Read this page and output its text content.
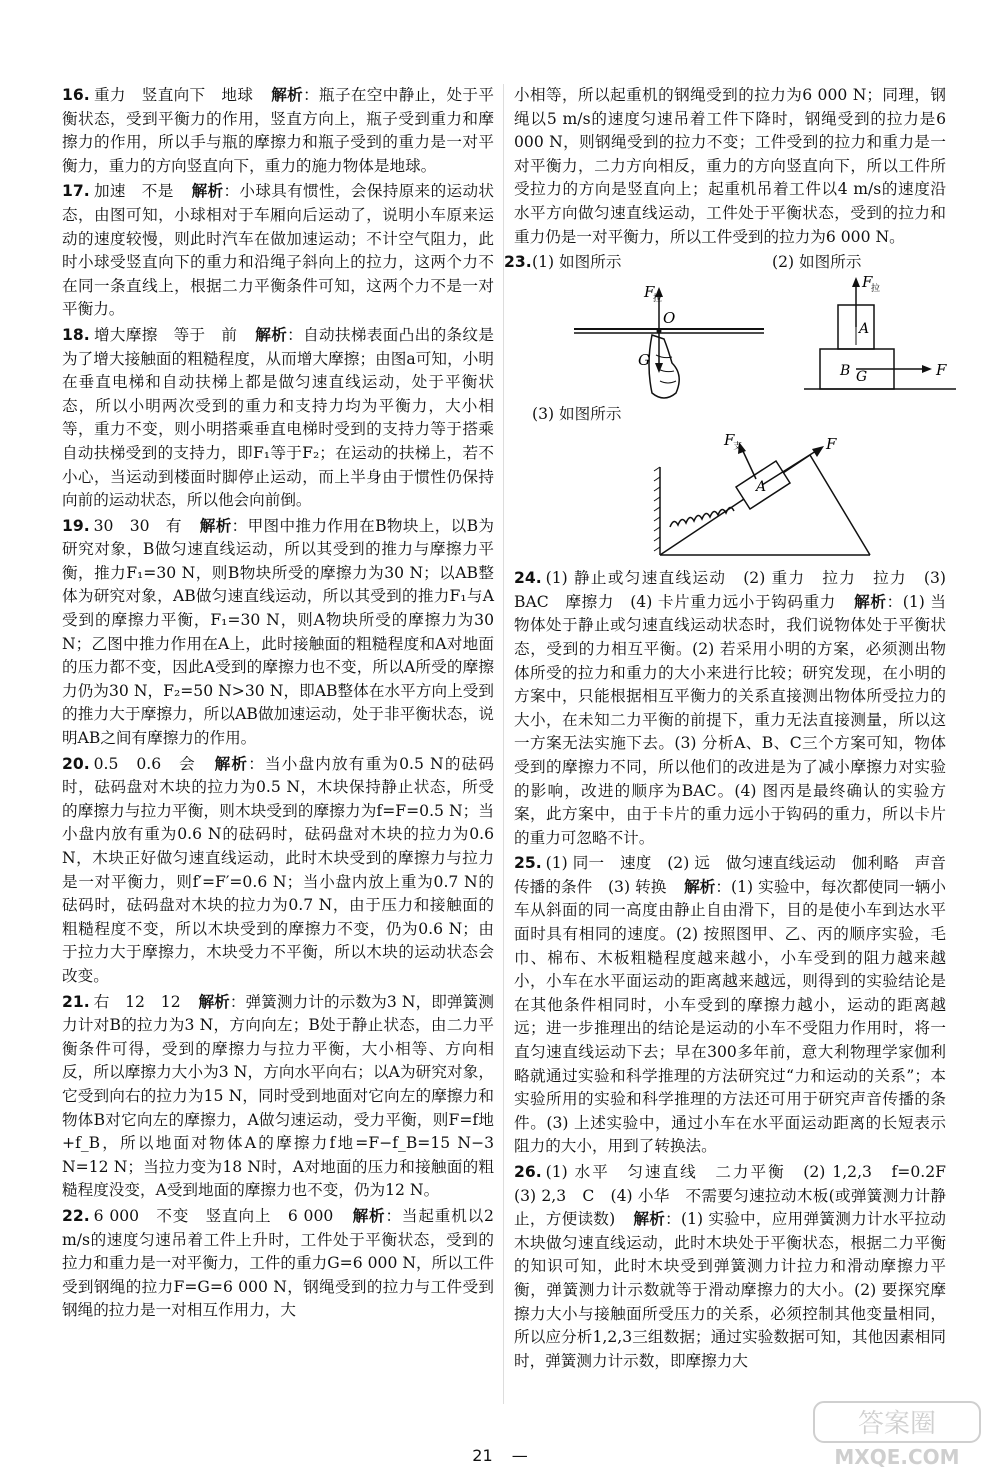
16. 重力　竖直向下　地球　 解析：瓶子在空中静止，处于平衡状态，受到平衡力的作用，竖直方向上，瓶子受到重力和摩擦力的作用，所以手与瓶的摩擦力和瓶子受到的重力是一对平衡力，重力的方向竖直向下，重力的施力物体是地球。
17. 加速　不是　 解析：小球具有惯性，会保持原来的运动状态，由图可知，小球相对于车厢向后运动了，说明小车原来运动的速度较慢，则此时汽车在做加速运动；不计空气阻力，此时小球受竖直向下的重力和沿绳子斜向上的拉力，这两个力不在同一条直线上，根据二力平衡条件可知，这两个力不是一对平衡力。
18. 增大摩擦　等于　前　 解析：自动扶梯表面凸出的条纹是为了增大接触面的粗糙程度，从而增大摩擦；由图a可知，小明在垂直电梯和自动扶梯上都是做匀速直线运动，处于平衡状态，所以小明两次受到的重力和支持力均为平衡力，大小相等，重力不变，则小明搭乘垂直电梯时受到的支持力等于搭乘自动扶梯受到的支持力，即F₁等于F₂；在运动的扶梯上，若不小心，当运动到楼面时脚停止运动，而上半身由于惯性仍保持向前的运动状态，所以他会向前倒。
19. 30　30　有　 解析：甲图中推力作用在B物块上，以B为研究对象，B做匀速直线运动，所以其受到的推力与摩擦力平衡，推力F₁=30 N，则B物块所受的摩擦力为30 N；以AB整体为研究对象，AB做匀速直线运动，所以其受到的推力F₁与A受到的摩擦力平衡，F₁=30 N，则A物块所受的摩擦力为30 N；乙图中推力作用在A上，此时接触面的粗糙程度和A对地面的压力都不变，因此A受到的摩擦力也不变，所以A所受的摩擦力仍为30 N，F₂=50 N>30 N，即AB整体在水平方向上受到的推力大于摩擦力，所以AB做加速运动，处于非平衡状态，说明AB之间有摩擦力的作用。
20. 0.5　0.6　会　 解析：当小盘内放有重为0.5 N的砝码时，砝码盘对木块的拉力为0.5 N，木块保持静止状态，所受的摩擦力与拉力平衡，则木块受到的摩擦力为f=F=0.5 N；当小盘内放有重为0.6 N的砝码时，砝码盘对木块的拉力为0.6 N，木块正好做匀速直线运动，此时木块受到的摩擦力与拉力是一对平衡力，则f′=F′=0.6 N；当小盘内放上重为0.7 N的砝码时，砝码盘对木块的拉力为0.7 N，由于压力和接触面的粗糙程度不变，所以木块受到的摩擦力不变，仍为0.6 N；由于拉力大于摩擦力，木块受力不平衡，所以木块的运动状态会改变。
21. 右　12　12　 解析：弹簧测力计的示数为3 N，即弹簧测力计对B的拉力为3 N，方向向左；B处于静止状态，由二力平衡条件可得，受到的摩擦力与拉力平衡，大小相等、方向相反，所以摩擦力大小为3 N，方向水平向右；以A为研究对象，它受到向右的拉力为15 N，同时受到地面对它向左的摩擦力和物体B对它向左的摩擦力，A做匀速运动，受力平衡，则F=f地+f_B，所以地面对物体A的摩擦力f地=F−f_B=15 N−3 N=12 N；当拉力变为18 N时，A对地面的压力和接触面的粗糙程度没变，A受到地面的摩擦力也不变，仍为12 N。
22. 6 000　不变　竖直向上　6 000　 解析：当起重机以2 m/s的速度匀速吊着工件上升时，工件处于平衡状态，受到的拉力和重力是一对平衡力，工件的重力G=6 000 N，所以工件受到钢绳的拉力F=G=6 000 N，钢绳受到的拉力与工件受到钢绳的拉力是一对相互作用力，大
小相等，所以起重机的钢绳受到的拉力为6 000 N；同理，钢绳以5 m/s的速度匀速吊着工件下降时，钢绳受到的拉力是6 000 N，则钢绳受到的拉力不变；工件受到的拉力和重力是一对平衡力，二力方向相反，重力的方向竖直向下，所以工件所受拉力的方向是竖直向上；起重机吊着工件以4 m/s的速度沿水平方向做匀速直线运动，工件处于平衡状态，受到的拉力和重力仍是一对平衡力，所以工件受到的拉力为6 000 N。
23. (1) 如图所示	(2) 如图所示
F
拉
O
G
F
拉
A
B G	F
(3) 如图所示
F
支
A
F
24. (1) 静止或匀速直线运动　(2) 重力　拉力　拉力　(3) BAC　摩擦力　(4) 卡片重力远小于钩码重力　 解析：(1) 当物体处于静止或匀速直线运动状态时，我们说物体处于平衡状态，受到的力相互平衡。(2) 若采用小明的方案，必须测出物体所受的拉力和重力的大小来进行比较；研究发现，在小明的方案中，只能根据相互平衡力的关系直接测出物体所受拉力的大小，在未知二力平衡的前提下，重力无法直接测量，所以这一方案无法实施下去。(3) 分析A、B、C三个方案可知，物体受到的摩擦力不同，所以他们的改进是为了减小摩擦力对实验的影响，改进的顺序为BAC。(4) 图丙是最终确认的实验方案，此方案中，由于卡片的重力远小于钩码的重力，所以卡片的重力可忽略不计。
25. (1) 同一　速度　(2) 远　做匀速直线运动　伽利略　声音传播的条件　(3) 转换　 解析：(1) 实验中，每次都使同一辆小车从斜面的同一高度由静止自由滑下，目的是使小车到达水平面时具有相同的速度。(2) 按照图甲、乙、丙的顺序实验，毛巾、棉布、木板粗糙程度越来越小，小车受到的阻力越来越小，小车在水平面运动的距离越来越远，则得到的实验结论是在其他条件相同时，小车受到的摩擦力越小，运动的距离越远；进一步推理出的结论是运动的小车不受阻力作用时，将一直匀速直线运动下去；早在300多年前，意大利物理学家伽利略就通过实验和科学推理的方法研究过“力和运动的关系”；本实验所用的实验和科学推理的方法还可用于研究声音传播的条件。(3) 上述实验中，通过小车在水平面运动距离的长短表示阻力的大小，用到了转换法。
26. (1) 水平　匀速直线　二力平衡　(2) 1,2,3　f=0.2F　(3) 2,3　C　(4) 小华　不需要匀速拉动木板(或弹簧测力计静止，方便读数)　 解析：(1) 实验中，应用弹簧测力计水平拉动木块做匀速直线运动，此时木块处于平衡状态，根据二力平衡的知识可知，此时木块受到弹簧测力计拉力和滑动摩擦力平衡，弹簧测力计示数就等于滑动摩擦力的大小。(2) 要探究摩擦力大小与接触面所受压力的关系，必须控制其他变量相同，所以应分析1,2,3三组数据；通过实验数据可知，其他因素相同时，弹簧测力计示数，即摩擦力大
21 —
答案圈
MXQE.COM
